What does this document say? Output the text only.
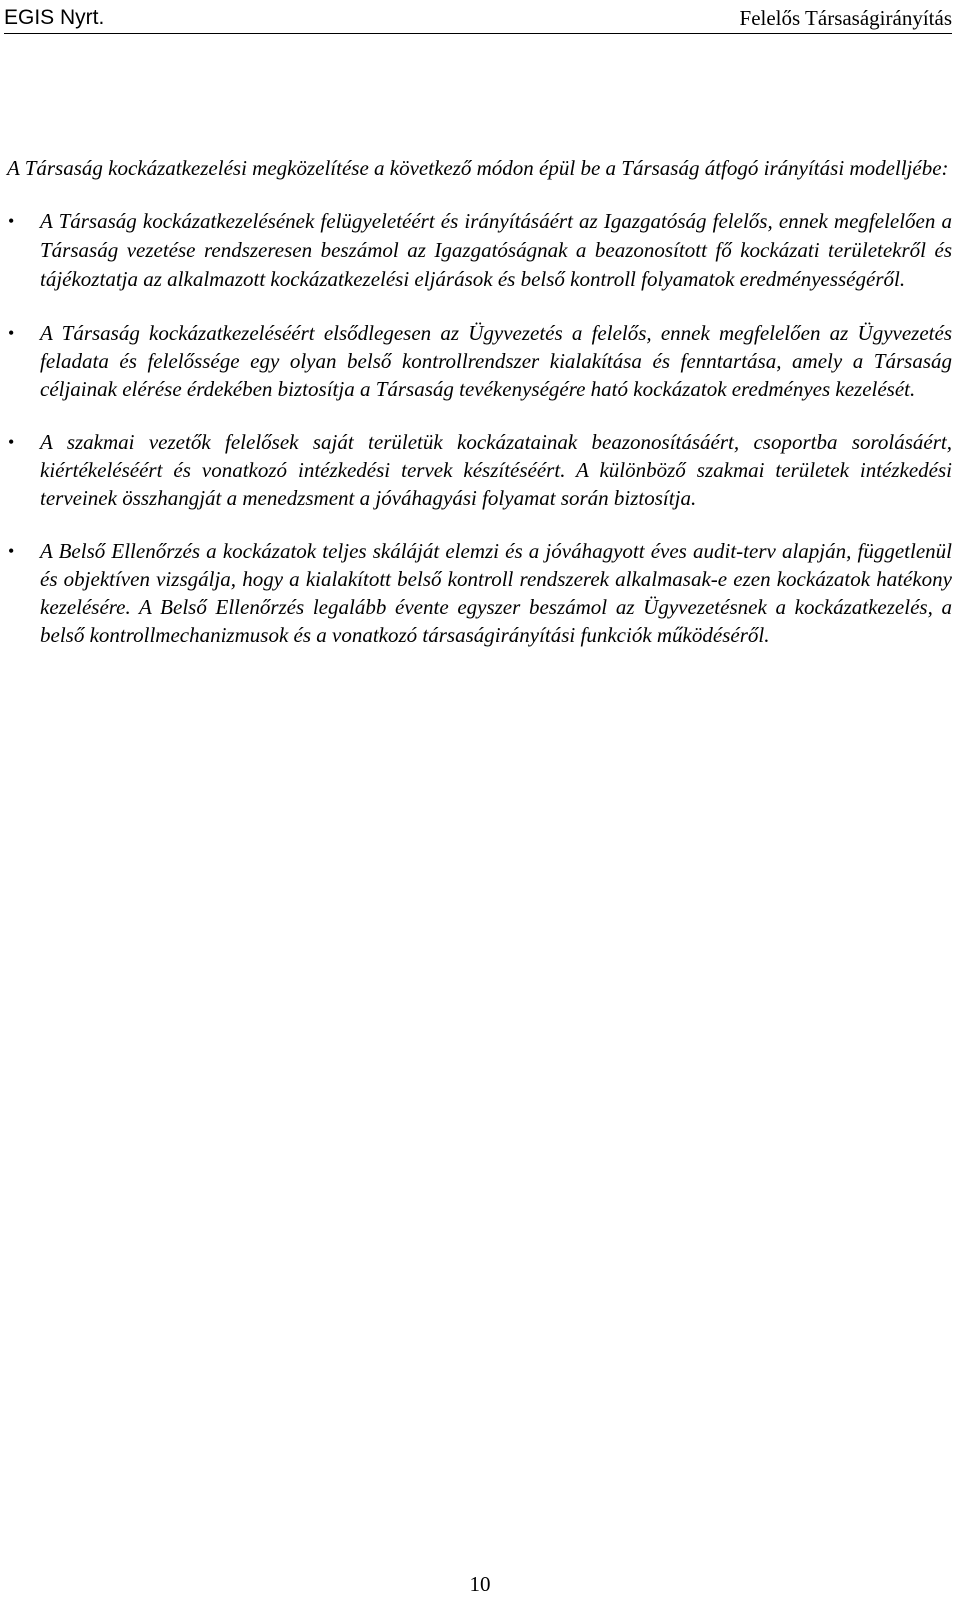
EGIS Nyrt.	Felelős Társaságirányítás

A Társaság kockázatkezelési megközelítése a következő módon épül be a Társaság átfogó irányítási modelljébe:

• A Társaság kockázatkezelésének felügyeletéért és irányításáért az Igazgatóság felelős, ennek megfelelően a Társaság vezetése rendszeresen beszámol az Igazgatóságnak a beazonosított fő kockázati területekről és tájékoztatja az alkalmazott kockázatkezelési eljárások és belső kontroll folyamatok eredményességéről.
• A Társaság kockázatkezeléséért elsődlegesen az Ügyvezetés a felelős, ennek megfelelően az Ügyvezetés feladata és felelőssége egy olyan belső kontrollrendszer kialakítása és fenntartása, amely a Társaság céljainak elérése érdekében biztosítja a Társaság tevékenységére ható kockázatok eredményes kezelését.
• A szakmai vezetők felelősek saját területük kockázatainak beazonosításáért, csoportba sorolásáért, kiértékeléséért és vonatkozó intézkedési tervek készítéséért. A különböző szakmai területek intézkedési terveinek összhangját a menedzsment a jóváhagyási folyamat során biztosítja.
• A Belső Ellenőrzés a kockázatok teljes skáláját elemzi és a jóváhagyott éves audit-terv alapján, függetlenül és objektíven vizsgálja, hogy a kialakított belső kontroll rendszerek alkalmasak-e ezen kockázatok hatékony kezelésére. A Belső Ellenőrzés legalább évente egyszer beszámol az Ügyvezetésnek a kockázatkezelés, a belső kontrollmechanizmusok és a vonatkozó társaságirányítási funkciók működéséről.
10
